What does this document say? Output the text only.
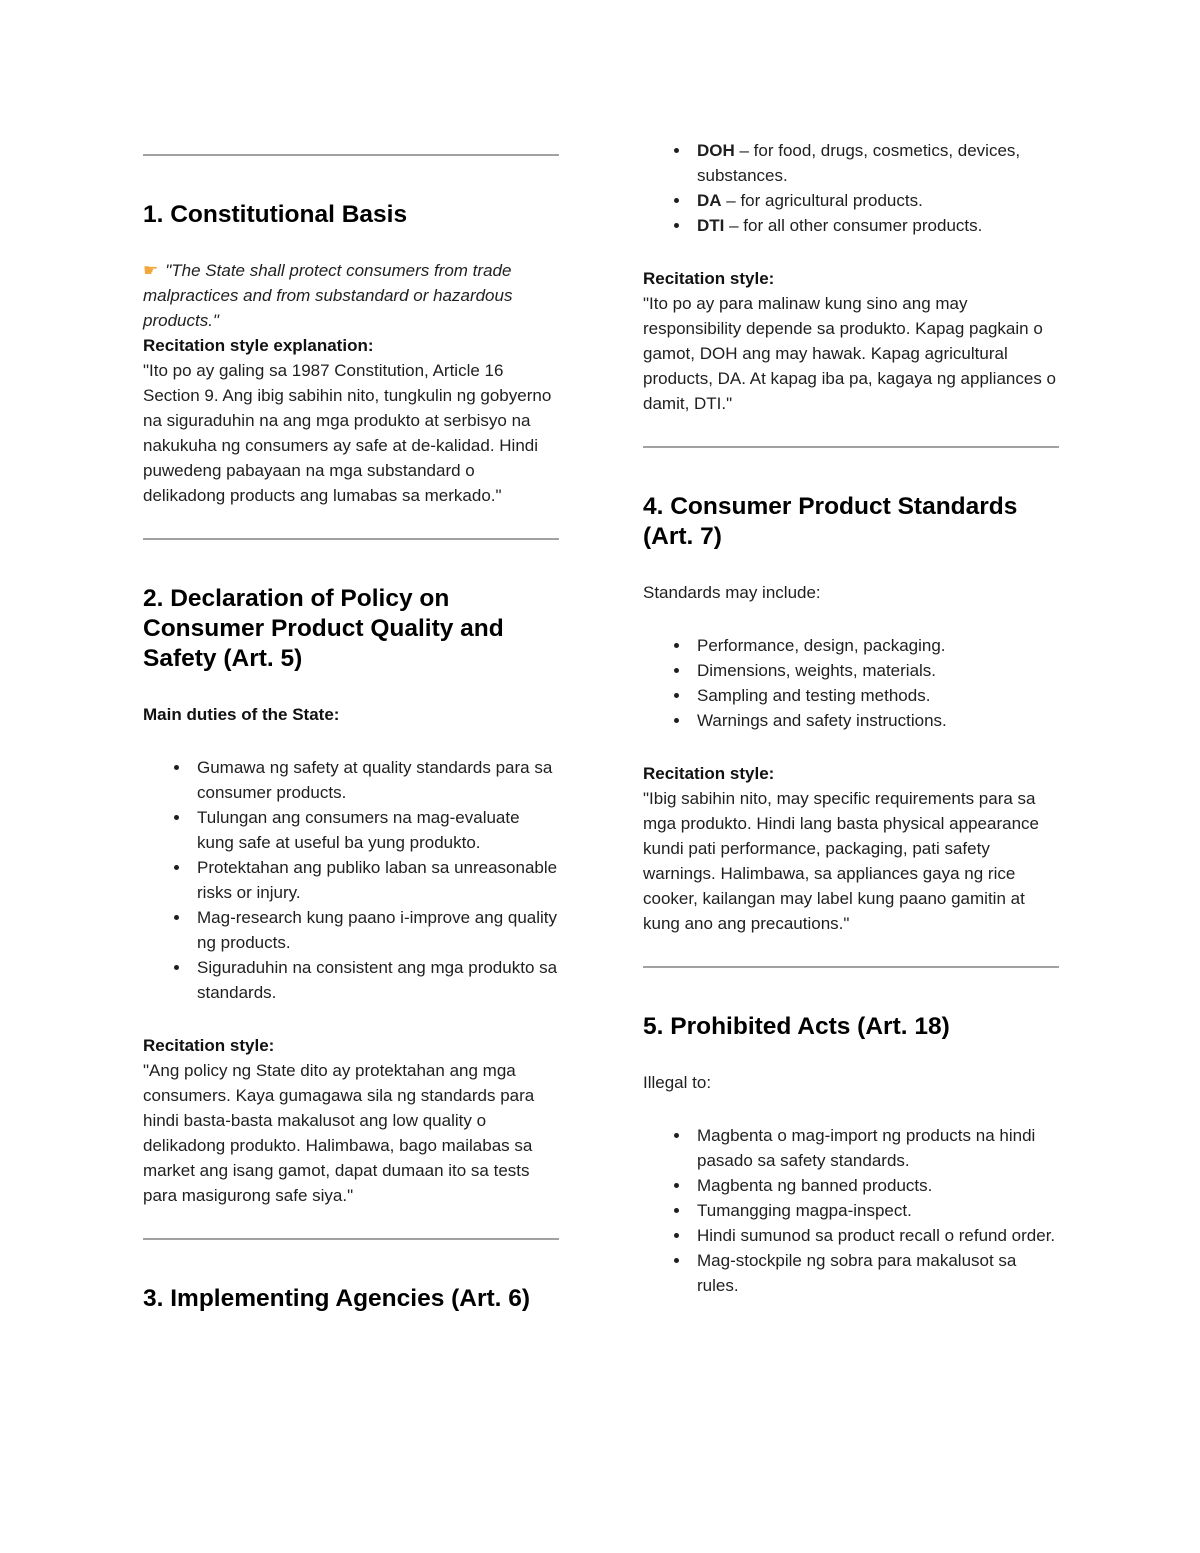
1. Constitutional Basis

☛ "The State shall protect consumers from trade malpractices and from substandard or hazardous products."

Recitation style explanation:

"Ito po ay galing sa 1987 Constitution, Article 16 Section 9. Ang ibig sabihin nito, tungkulin ng gobyerno na siguraduhin na ang mga produkto at serbisyo na nakukuha ng consumers ay safe at de-kalidad. Hindi puwedeng pabayaan na mga substandard o delikadong products ang lumabas sa merkado."

2. Declaration of Policy on Consumer Product Quality and Safety (Art. 5)

Main duties of the State:

• Gumawa ng safety at quality standards para sa consumer products.
• Tulungan ang consumers na mag-evaluate kung safe at useful ba yung produkto.
• Protektahan ang publiko laban sa unreasonable risks or injury.
• Mag-research kung paano i-improve ang quality ng products.
• Siguraduhin na consistent ang mga produkto sa standards.

Recitation style:

"Ang policy ng State dito ay protektahan ang mga consumers. Kaya gumagawa sila ng standards para hindi basta-basta makalusot ang low quality o delikadong produkto. Halimbawa, bago mailabas sa market ang isang gamot, dapat dumaan ito sa tests para masigurong safe siya."

3. Implementing Agencies (Art. 6)
• DOH – for food, drugs, cosmetics, devices, substances.
• DA – for agricultural products.
• DTI – for all other consumer products.

Recitation style:

"Ito po ay para malinaw kung sino ang may responsibility depende sa produkto. Kapag pagkain o gamot, DOH ang may hawak. Kapag agricultural products, DA. At kapag iba pa, kagaya ng appliances o damit, DTI."

4. Consumer Product Standards (Art. 7)

Standards may include:

• Performance, design, packaging.
• Dimensions, weights, materials.
• Sampling and testing methods.
• Warnings and safety instructions.

Recitation style:

"Ibig sabihin nito, may specific requirements para sa mga produkto. Hindi lang basta physical appearance kundi pati performance, packaging, pati safety warnings. Halimbawa, sa appliances gaya ng rice cooker, kailangan may label kung paano gamitin at kung ano ang precautions."

5. Prohibited Acts (Art. 18)

Illegal to:

• Magbenta o mag-import ng products na hindi pasado sa safety standards.
• Magbenta ng banned products.
• Tumangging magpa-inspect.
• Hindi sumunod sa product recall o refund order.
• Mag-stockpile ng sobra para makalusot sa rules.
